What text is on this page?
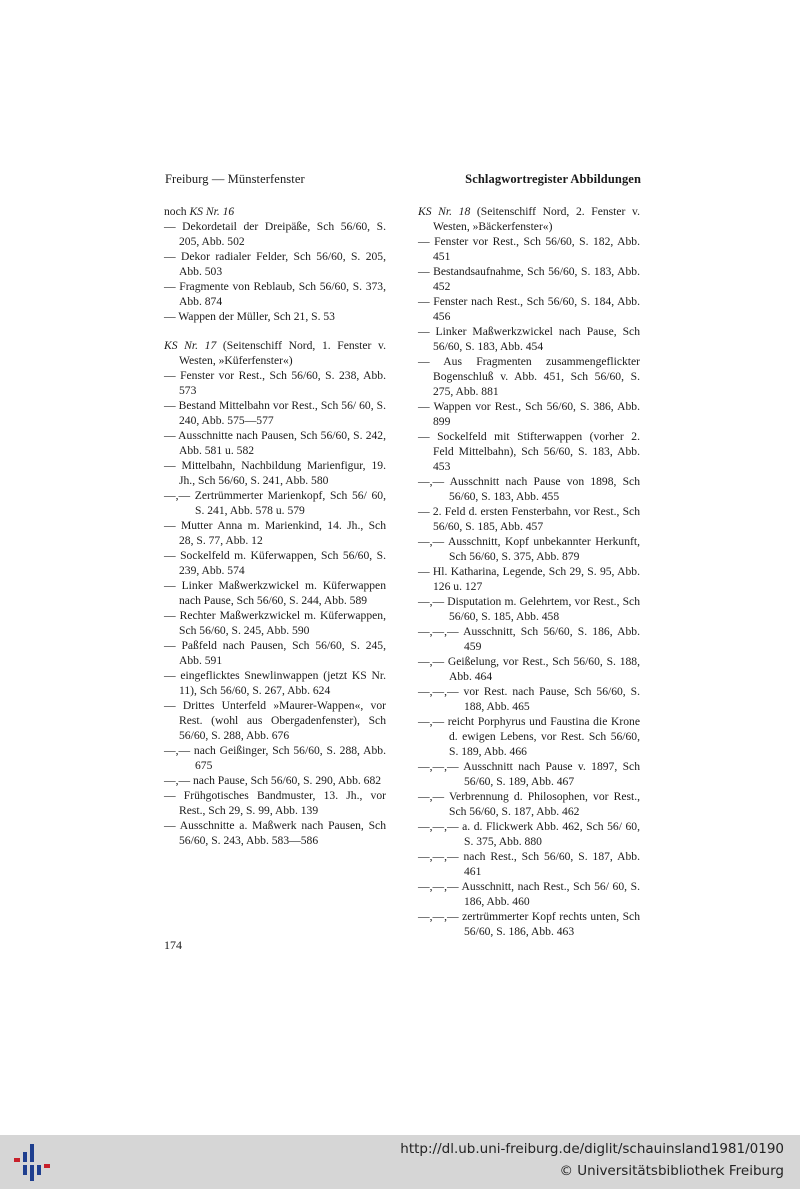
Freiburg — Münsterfenster	Schlagwortregister Abbildungen
noch KS Nr. 16
— Dekordetail der Dreipäße, Sch 56/60, S. 205, Abb. 502
— Dekor radialer Felder, Sch 56/60, S. 205, Abb. 503
— Fragmente von Reblaub, Sch 56/60, S. 373, Abb. 874
— Wappen der Müller, Sch 21, S. 53
KS Nr. 17 (Seitenschiff Nord, 1. Fenster v. Westen, »Küferfenster«)
— Fenster vor Rest., Sch 56/60, S. 238, Abb. 573
— Bestand Mittelbahn vor Rest., Sch 56/ 60, S. 240, Abb. 575—577
— Ausschnitte nach Pausen, Sch 56/60, S. 242, Abb. 581 u. 582
— Mittelbahn, Nachbildung Marienfigur, 19. Jh., Sch 56/60, S. 241, Abb. 580
—,— Zertrümmerter Marienkopf, Sch 56/ 60, S. 241, Abb. 578 u. 579
— Mutter Anna m. Marienkind, 14. Jh., Sch 28, S. 77, Abb. 12
— Sockelfeld m. Küferwappen, Sch 56/60, S. 239, Abb. 574
— Linker Maßwerkzwickel m. Küferwappen nach Pause, Sch 56/60, S. 244, Abb. 589
— Rechter Maßwerkzwickel m. Küferwappen, Sch 56/60, S. 245, Abb. 590
— Paßfeld nach Pausen, Sch 56/60, S. 245, Abb. 591
— eingeflicktes Snewlinwappen (jetzt KS Nr. 11), Sch 56/60, S. 267, Abb. 624
— Drittes Unterfeld »Maurer-Wappen«, vor Rest. (wohl aus Obergadenfenster), Sch 56/60, S. 288, Abb. 676
—,— nach Geißinger, Sch 56/60, S. 288, Abb. 675
—,— nach Pause, Sch 56/60, S. 290, Abb. 682
— Frühgotisches Bandmuster, 13. Jh., vor Rest., Sch 29, S. 99, Abb. 139
— Ausschnitte a. Maßwerk nach Pausen, Sch 56/60, S. 243, Abb. 583—586
KS Nr. 18 (Seitenschiff Nord, 2. Fenster v. Westen, »Bäckerfenster«)
— Fenster vor Rest., Sch 56/60, S. 182, Abb. 451
— Bestandsaufnahme, Sch 56/60, S. 183, Abb. 452
— Fenster nach Rest., Sch 56/60, S. 184, Abb. 456
— Linker Maßwerkzwickel nach Pause, Sch 56/60, S. 183, Abb. 454
— Aus Fragmenten zusammengeflickter Bogenschluß v. Abb. 451, Sch 56/60, S. 275, Abb. 881
— Wappen vor Rest., Sch 56/60, S. 386, Abb. 899
— Sockelfeld mit Stifterwappen (vorher 2. Feld Mittelbahn), Sch 56/60, S. 183, Abb. 453
—,— Ausschnitt nach Pause von 1898, Sch 56/60, S. 183, Abb. 455
— 2. Feld d. ersten Fensterbahn, vor Rest., Sch 56/60, S. 185, Abb. 457
—,— Ausschnitt, Kopf unbekannter Herkunft, Sch 56/60, S. 375, Abb. 879
— Hl. Katharina, Legende, Sch 29, S. 95, Abb. 126 u. 127
—,— Disputation m. Gelehrtem, vor Rest., Sch 56/60, S. 185, Abb. 458
—,—,— Ausschnitt, Sch 56/60, S. 186, Abb. 459
—,— Geißelung, vor Rest., Sch 56/60, S. 188, Abb. 464
—,—,— vor Rest. nach Pause, Sch 56/60, S. 188, Abb. 465
—,— reicht Porphyrus und Faustina die Krone d. ewigen Lebens, vor Rest. Sch 56/60, S. 189, Abb. 466
—,—,— Ausschnitt nach Pause v. 1897, Sch 56/60, S. 189, Abb. 467
—,— Verbrennung d. Philosophen, vor Rest., Sch 56/60, S. 187, Abb. 462
—,—,— a. d. Flickwerk Abb. 462, Sch 56/ 60, S. 375, Abb. 880
—,—,— nach Rest., Sch 56/60, S. 187, Abb. 461
—,—,— Ausschnitt, nach Rest., Sch 56/ 60, S. 186, Abb. 460
—,—,— zertrümmerter Kopf rechts unten, Sch 56/60, S. 186, Abb. 463
174
http://dl.ub.uni-freiburg.de/diglit/schauinsland1981/0190
© Universitätsbibliothek Freiburg
